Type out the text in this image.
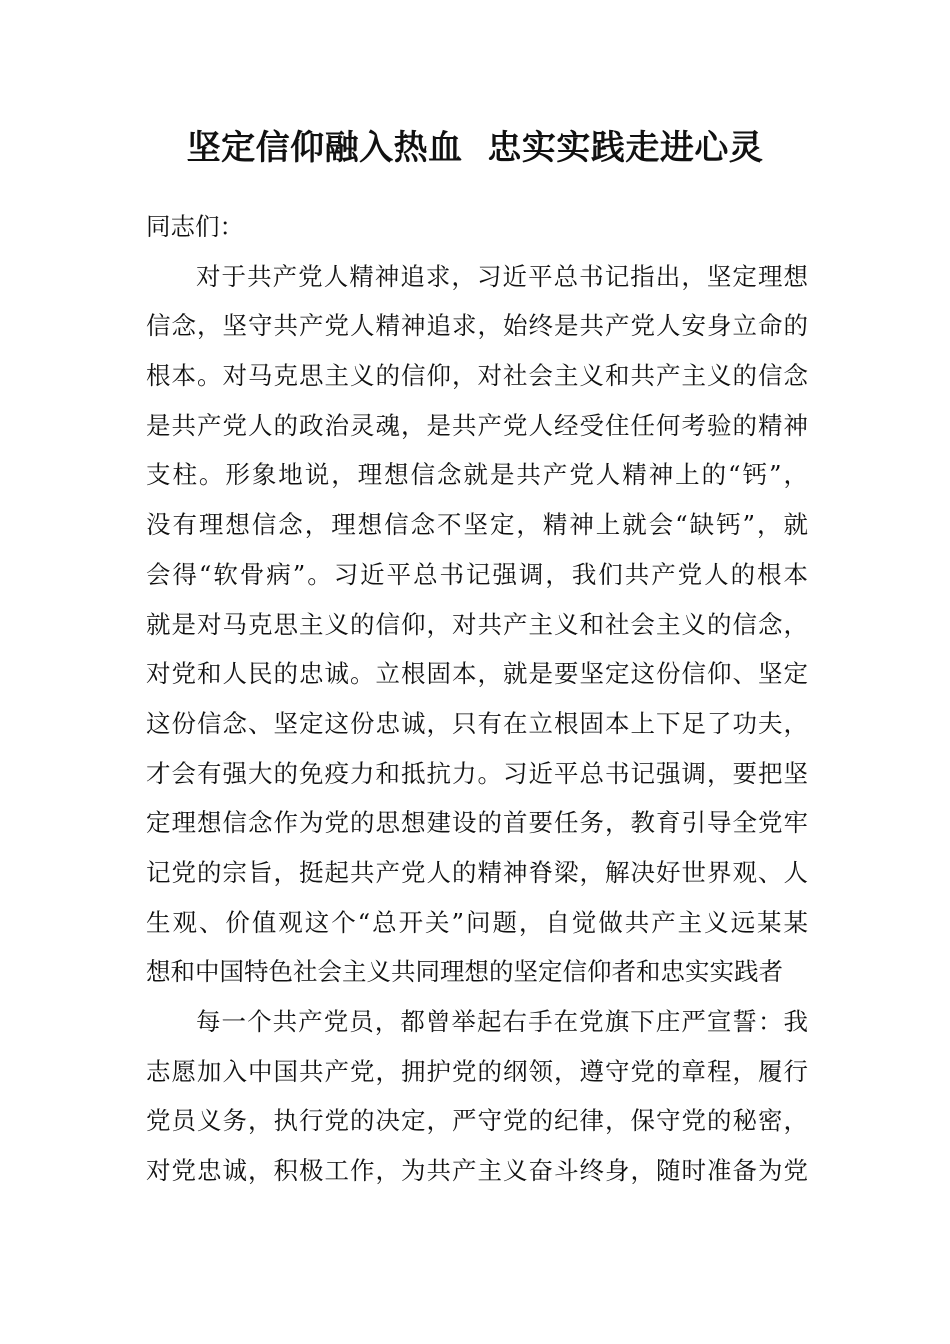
坚定信仰融入热血  忠实实践走进心灵
同志们：
对于共产党人精神追求，习近平总书记指出，坚定理想
信念，坚守共产党人精神追求，始终是共产党人安身立命的
根本。对马克思主义的信仰，对社会主义和共产主义的信念
是共产党人的政治灵魂，是共产党人经受住任何考验的精神
支柱。形象地说，理想信念就是共产党人精神上的“钙”，
没有理想信念，理想信念不坚定，精神上就会“缺钙”，就
会得“软骨病”。习近平总书记强调，我们共产党人的根本
就是对马克思主义的信仰，对共产主义和社会主义的信念，
对党和人民的忠诚。立根固本，就是要坚定这份信仰、坚定
这份信念、坚定这份忠诚，只有在立根固本上下足了功夫，
才会有强大的免疫力和抵抗力。习近平总书记强调，要把坚
定理想信念作为党的思想建设的首要任务，教育引导全党牢
记党的宗旨，挺起共产党人的精神脊梁，解决好世界观、人
生观、价值观这个“总开关”问题，自觉做共产主义远某某
想和中国特色社会主义共同理想的坚定信仰者和忠实实践者
每一个共产党员，都曾举起右手在党旗下庄严宣誓：我
志愿加入中国共产党，拥护党的纲领，遵守党的章程，履行
党员义务，执行党的决定，严守党的纪律，保守党的秘密，
对党忠诚，积极工作，为共产主义奋斗终身，随时准备为党
